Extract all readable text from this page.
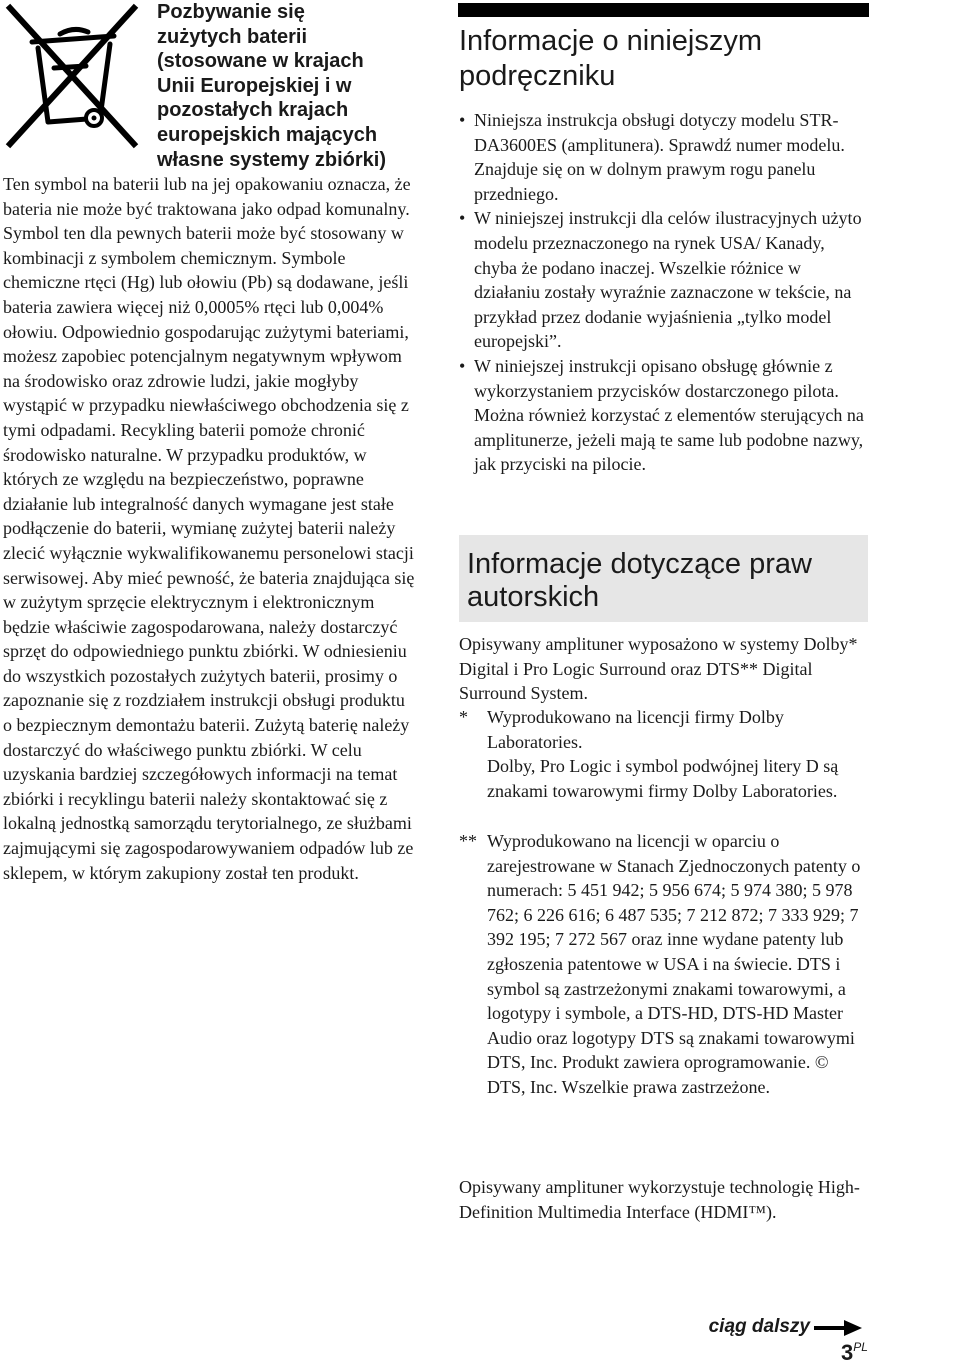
Pozbywanie się
zużytych baterii
(stosowane w krajach
Unii Europejskiej i w
pozostałych krajach
europejskich mających
własne systemy zbiórki)

Ten symbol na baterii lub na jej opakowaniu oznacza, że bateria nie może być traktowana jako odpad komunalny. Symbol ten dla pewnych baterii może być stosowany w kombinacji z symbolem chemicznym. Symbole chemiczne rtęci (Hg) lub ołowiu (Pb) są dodawane, jeśli bateria zawiera więcej niż 0,0005% rtęci lub 0,004% ołowiu. Odpowiednio gospodarując zużytymi bateriami, możesz zapobiec potencjalnym negatywnym wpływom na środowisko oraz zdrowie ludzi, jakie mogłyby wystąpić w przypadku niewłaściwego obchodzenia się z tymi odpadami. Recykling baterii pomoże chronić środowisko naturalne. W przypadku produktów, w których ze względu na bezpieczeństwo, poprawne działanie lub integralność danych wymagane jest stałe podłączenie do baterii, wymianę zużytej baterii należy zlecić wyłącznie wykwalifikowanemu personelowi stacji serwisowej. Aby mieć pewność, że bateria znajdująca się w zużytym sprzęcie elektrycznym i elektronicznym będzie właściwie zagospodarowana, należy dostarczyć sprzęt do odpowiedniego punktu zbiórki. W odniesieniu do wszystkich pozostałych zużytych baterii, prosimy o zapoznanie się z rozdziałem instrukcji obsługi produktu o bezpiecznym demontażu baterii. Zużytą baterię należy dostarczyć do właściwego punktu zbiórki. W celu uzyskania bardziej szczegółowych informacji na temat zbiórki i recyklingu baterii należy skontaktować się z lokalną jednostką samorządu terytorialnego, ze służbami zajmującymi się zagospodarowywaniem odpadów lub ze sklepem, w którym zakupiony został ten produkt.

Informacje o niniejszym
podręczniku
• Niniejsza instrukcja obsługi dotyczy modelu STR-DA3600ES (amplitunera). Sprawdź numer modelu. Znajduje się on w dolnym prawym rogu panelu przedniego.
• W niniejszej instrukcji dla celów ilustracyjnych użyto modelu przeznaczonego na rynek USA/ Kanady, chyba że podano inaczej. Wszelkie różnice w działaniu zostały wyraźnie zaznaczone w tekście, na przykład przez dodanie wyjaśnienia „tylko model europejski”.
• W niniejszej instrukcji opisano obsługę głównie z wykorzystaniem przycisków dostarczonego pilota. Można również korzystać z elementów sterujących na amplitunerze, jeżeli mają te same lub podobne nazwy, jak przyciski na pilocie.
Informacje dotyczące praw
autorskich

Opisywany amplituner wyposażono w systemy Dolby* Digital i Pro Logic Surround oraz DTS** Digital Surround System.

* Wyprodukowano na licencji firmy Dolby Laboratories.
Dolby, Pro Logic i symbol podwójnej litery D są znakami towarowymi firmy Dolby Laboratories.
** Wyprodukowano na licencji w oparciu o zarejestrowane w Stanach Zjednoczonych patenty o numerach: 5 451 942; 5 956 674; 5 974 380; 5 978 762; 6 226 616; 6 487 535; 7 212 872; 7 333 929; 7 392 195; 7 272 567 oraz inne wydane patenty lub zgłoszenia patentowe w USA i na świecie. DTS i symbol są zastrzeżonymi znakami towarowymi, a logotypy i symbole, a DTS-HD, DTS-HD Master Audio oraz logotypy DTS są znakami towarowymi DTS, Inc. Produkt zawiera oprogramowanie. © DTS, Inc. Wszelkie prawa zastrzeżone.

Opisywany amplituner wykorzystuje technologię High-Definition Multimedia Interface (HDMI™).

ciąg dalszy
$3^{PL}$
